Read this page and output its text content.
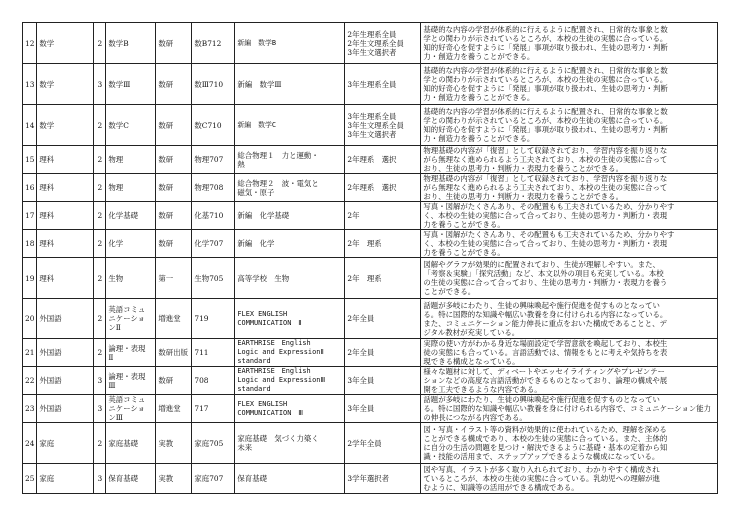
12	数学	2	数学B	数研	数B712	新編　数学B	2年生理系全員
2年生文理系全員
3年生文選択者	基礎的な内容の学習が体系的に行えるように配置され、日常的な事象と数
学との関わりが示されているところが、本校の生徒の実態に合っている。
知的好奇心を促すように「発展」事項が取り扱われ、生徒の思考力・判断
力・創造力を養うことができる。
13	数学	3	数学Ⅲ	数研	数Ⅲ710	新編　数学Ⅲ	3年生理系全員	基礎的な内容の学習が体系的に行えるように配置され、日常的な事象と数
学との関わりが示されているところが、本校の生徒の実態に合っている。
知的好奇心を促すように「発展」事項が取り扱われ、生徒の思考力・判断
力・創造力を養うことができる。
14	数学	2	数学C	数研	数C710	新編　数学C	3年生理系全員
3年生文理系全員
3年生文選択者	基礎的な内容の学習が体系的に行えるように配置され、日常的な事象と数
学との関わりが示されているところが、本校の生徒の実態に合っている。
知的好奇心を促すように「発展」事項が取り扱われ、生徒の思考力・判断
力・創造力を養うことができる。
15	理科	2	物理	数研	物理707	総合物理１　力と運動・
熱	2年理系　選択	物理基礎の内容が「復習」として収録されており、学習内容を振り返りな
がら無理なく進められるよう工夫されており、本校の生徒の実態に合って
おり、生徒の思考力・判断力・表現力を養うことができる。
16	理科	2	物理	数研	物理708	総合物理２　波・電気と
磁気・原子	2年理系　選択	物理基礎の内容が「復習」として収録されており、学習内容を振り返りな
がら無理なく進められるよう工夫されており、本校の生徒の実態に合って
おり、生徒の思考力・判断力・表現力を養うことができる。
17	理科	2	化学基礎	数研	化基710	新編　化学基礎	2年	写真・図解がたくさんあり、その配置もも工夫されているため、分かりやす
く、本校の生徒の実態に合って合っており、生徒の思考力・判断力・表現
力を養うことができる。
18	理科	2	化学	数研	化学707	新編　化学	2年　理系	写真・図解がたくさんあり、その配置もも工夫されているため、分かりやす
く、本校の生徒の実態に合って合っており、生徒の思考力・判断力・表現
力を養うことができる。
19	理科	2	生物	第一	生物705	高等学校　生物	2年　理系	図解やグラフが効果的に配置されており、生徒が理解しやすい。また、
「考察＆実験」「探究活動」など、本文以外の項目も充実している。本校
の生徒の実態に合って合っており、生徒の思考力・判断力・表現力を養う
ことができる。
20	外国語	2	英語コミュ
ニケーショ
ンⅡ	増進堂	719	FLEX ENGLISH
COMMUNICATION　Ⅱ	2年全員	話題が多岐にわたり、生徒の興味喚起や施行促進を促すものとなってい
る。特に国際的な知識や幅広い教養を身に付けられる内容になっている。
また、コミュニケーション能力伸長に重点をおいた構成であることと、デ
ジタル教材が充実している。
21	外国語	2	論理・表現
Ⅱ	数研出版	711	EARTHRISE　English
Logic and ExpressionⅡ
standard	2年全員	実際の使い方がわかる身近な場面設定で学習意欲を喚起しており、本校生
徒の実態にも合っている。言語活動では、情報をもとに考えや気持ちを表
現できる構成となっている。
22	外国語	3	論理・表現
Ⅲ	数研	708	EARTHRISE　English
Logic and ExpressionⅢ
standard	3年全員	様々な題材に対して、ディベートやエッセイライティングやプレゼンテー
ションなどの高度な言語活動ができるものとなっており、論理の構成や展
開を工夫できるような内容である。
23	外国語	3	英語コミュ
ニケーショ
ンⅢ	増進堂	717	FLEX ENGLISH
COMMUNICATION　Ⅲ	3年全員	話題が多岐にわたり、生徒の興味喚起や施行促進を促すものとなってい
る。特に国際的な知識や幅広い教養を身に付けられる内容で、コミュニケーション能力
の伸長につながる内容である。
24	家庭	2	家庭基礎	実教	家庭705	家庭基礎　気づく力築く
未来	2学年全員	図・写真・イラスト等の資料が効果的に使われているため、理解を深める
ことができる構成であり、本校の生徒の実態に合っている。また、主体的
に自分の生活の問題を見つけ・解決できるように基礎・基本の定着から知
識・技能の活用まで、ステップアップできるような構成になっている。
25	家庭	3	保育基礎	実教	家庭707	保育基礎	3学年選択者	図や写真、イラストが多く取り入れられており、わかりやすく構成され
ているところが、本校の生徒の実態に合っている。乳幼児への理解が進
むように、知識等の活用ができる構成である。
